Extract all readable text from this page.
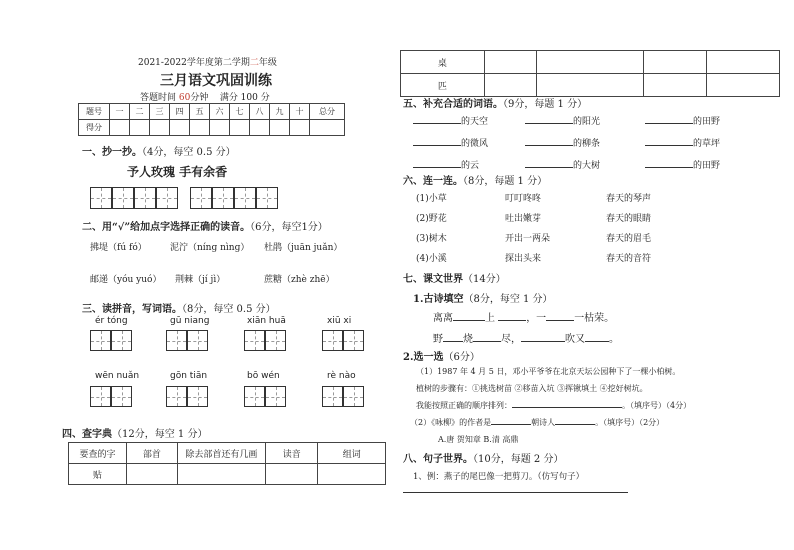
2021-2022学年度第二学期二年级
三月语文巩固训练
答题时间 60分钟 满分 100 分
题号	一	二	三	四	五	六	七	八	九	十	总分
得分											
一、抄一抄。（4分，每空 0.5 分）
予人玫瑰 手有余香
二、用“√”给加点字选择正确的读音。（6分，每空1分）
拂堤（fú fó）	泥泞（nínɡ nìnɡ） 杜鹃（juān juǎn）
邮递（yóu yuó） 荆棘（jí jì）	蔗糖（zhè zhē）
三、读拼音，写词语。（8分，每空 0.5 分）
ér tóng	gū niang	xiān huā	xiū xi
wēn nuǎn	gōn tiān	bō wén	rè nào
四、查字典（12分，每空 1 分）
要查的字	部首	除去部首还有几画	读音	组词
贴				
桌				
匹				
五、补充合适的词语。（9分，每题 1 分）
的天空	的阳光	的田野
的微风	的柳条	的草坪
的云	的大树	的田野
六、连一连。（8分，每题 1 分）
(1)小草	叮叮咚咚	春天的琴声
(2)野花	吐出嫩芽	春天的眼睛
(3)树木	开出一两朵	春天的眉毛
(4)小溪	探出头来	春天的音符
七、课文世界（14分）
1.古诗填空（8分，每空 1 分）
离离	上	，一	一枯荣。
野 烧	尽，	吹又 。
2.选一选（6分）
（1）1987 年 4 月 5 日，邓小平爷爷在北京天坛公园种下了一棵小柏树。
植树的步骤有：①挑选树苗 ②移苗入坑 ③挥锹填土 ④挖好树坑。
我能按照正确的顺序排列：	。（填序号）（4分）
（2）《咏柳》的作者是	朝诗人	。（填序号）（2分）
A.唐 贺知章 B.清 高鼎
八、句子世界。（10分，每题 2 分）
1、例：燕子的尾巴像一把剪刀。（仿写句子）
